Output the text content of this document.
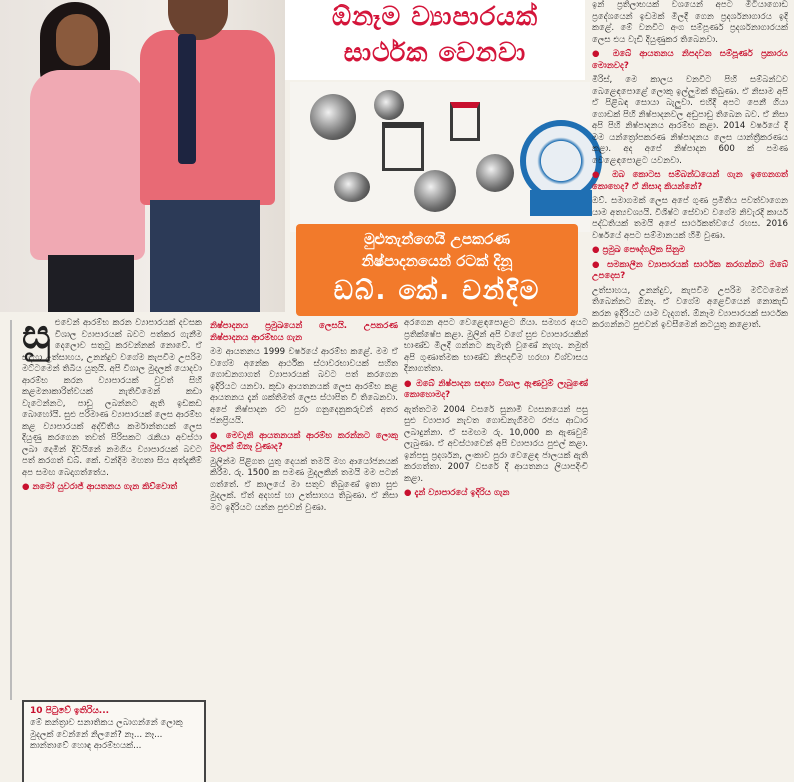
ඕනෑම ව්‍යාපාරයක්
සාර්ථක වෙනවා
මුළුතැන්ගෙයි උපකරණ
නිෂ්පාදනයෙන් රටක් දිනූ
ඩබ්. කේ. චන්දිම
සු ළුවෙන් ආරම්භ කරන ව්‍යාපාරයක් දවසක විශාල ව්‍යාපාරයක් බවට පත්කර ගැනීම දෙලොව සතුටු කරවන්නක් නොවේ. ඒ සඳහා උත්සාහය, උනන්දුව වගේම කැපවීම උපරිම මට්ටමෙන් තිබිය යුතුයි. අපි විශාල මුදලක් යොදවා ආරම්භ කරන ව්‍යාපාරයක් වුවත් සිහි කළමනාකාරිත්වයක් නැතිවීමෙන් කඩා වැටෙන්නට, පාඩු ලබන්නට ඇති ඉඩකඩ බොහෝයි. සුළු පරිමාණ ව්‍යාපාරයක් ලෙස ආරම්භ කළ ව්‍යාපාරයක් අද්විතීය කර්මාන්තයක් ලෙස දියුණු කරගෙන තවත් පිරිසකට රැකියා අවස්ථා ලබා දෙමින් දිවයිනේ නමගිය ව්‍යාපාරයක් බවට පත් කරගත් ඩබ්. කේ. චන්දිම මහතා සිය අත්දැකීම් අප සමඟ බෙදාගත්තේය.

● නමෝ යුවරාජ් ආයතනය ගැන කිව්වොත්
10 පිටුවේ ඉතිරිය...
මේ කන්ත්‍රාව සනාතිකය ලබාගන්නේ ලොකු මුදලක් වෙන්නේ නිලනේ? නෑ... නෑ... කාන්තාවේ හොඳ ආරම්භයක්...
නිෂ්පාදනය ප්‍රමුඛයෙන් ලෙසයි. උපකරණ නිෂ්පාදනය ආරම්භය ගැන

මම ආයතනය 1999 වර්ෂයේ ආරම්භ කළේ. මම ඒ වගේම අනේක ආර්ථික ස්ථාවරභාවයක් සහිත ගොඩනගාගත් ව්‍යාපාරයක් බවට පත් කරගෙන ඉදිරියට යනවා. කුඩා ආයතනයක් ලෙස ආරම්භ කළ ආයතනය දැන් ශක්තිමත් ලෙස ස්ථාපිත වී තිබෙනවා. අපේ නිෂ්පාදන රට පුරා ගනුදෙනුකරුවන් අතර ජනප්‍රියයි.

● මෙවැනි ආයතනයක් ආරම්භ කරන්නට ලොකු මුදලක් ඕනෑ වුණාද?

මුලින්ම පිළිගත යුතු දෙයක් තමයි මහ ආයෝජනයක් කිරීම. රු. 1500 ක පමණ මුදලකින් තමයි මම පටන් ගත්තේ. ඒ කාලයේ මා සතුව තිබුණේ ඉතා සුළු මුදලක්. ඒත් අදහස් හා උත්සාහය තිබුණා. ඒ නිසා මට ඉදිරියට යන්න පුළුවන් වුණා.

අරගෙන අපට වෙළෙඳපොළට ගියා. සමහර අයට ප්‍රතික්ෂේප කළා. මුලින් අපි වගේ සුළු ව්‍යාපාරයකින් භාණ්ඩ මිලදී ගන්නට කැමැති වුණේ නැහැ. නමුත් අපි ගුණාත්මක භාණ්ඩ නිපදවීම හරහා විශ්වාසය දිනාගත්තා.

● ඔබේ නිෂ්පාදන සඳහා විශාල ඇණවුම් ලැබුණේ කොහොමද?

ඇත්තටම 2004 වසරේ සුනාමි ව්‍යසනයෙන් පසු සුළු ව්‍යාපාර නැවත ගොඩනැගීමට රජය ආධාර ලබාදුන්නා. ඒ සමඟම රු. 10,000 ක ඇණවුම් ලැබුණා. ඒ අවස්ථාවෙන් අපි ව්‍යාපාරය පුළුල් කළා. ඉන්පසු ප්‍රදර්ශන, ලංකාව පුරා වෙළෙඳ ජාලයක් ඇති කරගත්තා. 2007 වසරේ දී ආයතනය ලියාපදිංචි කළා.

● දැන් ව්‍යාපාරයේ ඉදිරිය ගැන

ඉන් ප්‍රතිලාභයක් වශයෙන් අපට මිටියාගොඩ ප්‍රදේශයෙන් ඉඩමක් මිලදී ගෙන ප්‍රදර්ශනාගාරය ඉදි කළේ. මේ වනවිට අංග සම්පූර්ණ ප්‍රදර්ශනාගාරයක් ලෙස එය වැඩි දියුණුකර තිබෙනවා.

● ඔබේ ආයතනය නිපදවන සම්පූර්ණ ප්‍රකාරය මොනවද?

මිරිස්, මෙ කාලය වනවිට පිහි සම්බන්ධව බෙළෙඳපොළේ ලොකු ඉල්ලුමක් තිබුණා. ඒ නිසාම අපි ඒ පිළිබඳ සොයා බැලුවා. එහිදී අපට පෙනී ගියා ගොඩක් පිහි නිෂ්පාදනවල අඩුපාඩු තිබෙන බව. ඒ නිසා අපි පිහි නිෂ්පාදනය ආරම්භ කළා. 2014 වර්ෂයේ දී මම යන්ත්‍රෝපකරණ නිෂ්පාදනය ලෙස යාන්ත්‍රීකරණය කළා. අද අපේ නිෂ්පාදන 600 ක් පමණ වෙළෙඳපොළට යවනවා.

● ඔබ කොටස සම්බන්ධයෙන් ගැන ඉගෙනගත් කොහෙද? ඒ නිසාද කියන්නේ?

ඔව්. සමාගමක් ලෙස අපේ ගුණ ප්‍රමිතිය පවත්වාගෙන යාම අත්‍යවශ්‍යයි. විශිෂ්ට සේවාව වගේම නිවැරදි කාර්ය පද්ධතියක් තමයි අපේ සාර්ථකත්වයේ රහස. 2016 වර්ෂයේ අපට සම්මානයක් හිමි වුණා.

● ප්‍රමුඛ පෞද්ගලික සිනුම
● සමකාලීන ව්‍යාපාරයක් සාර්ථක කරගන්නට ඔබේ උපදෙස?

උත්සාහය, උනන්දුව, කැපවීම උපරිම මට්ටමෙන් තිබෙන්නට ඕනෑ. ඒ වගේම අළෙවියෙන් නොකැඩී කරන ඉදිරියට යාම වැදගත්. ඕනෑම ව්‍යාපාරයක් සාර්ථක කරගන්නට පුළුවන් ඉවසීමෙන් කටයුතු කළොත්.
